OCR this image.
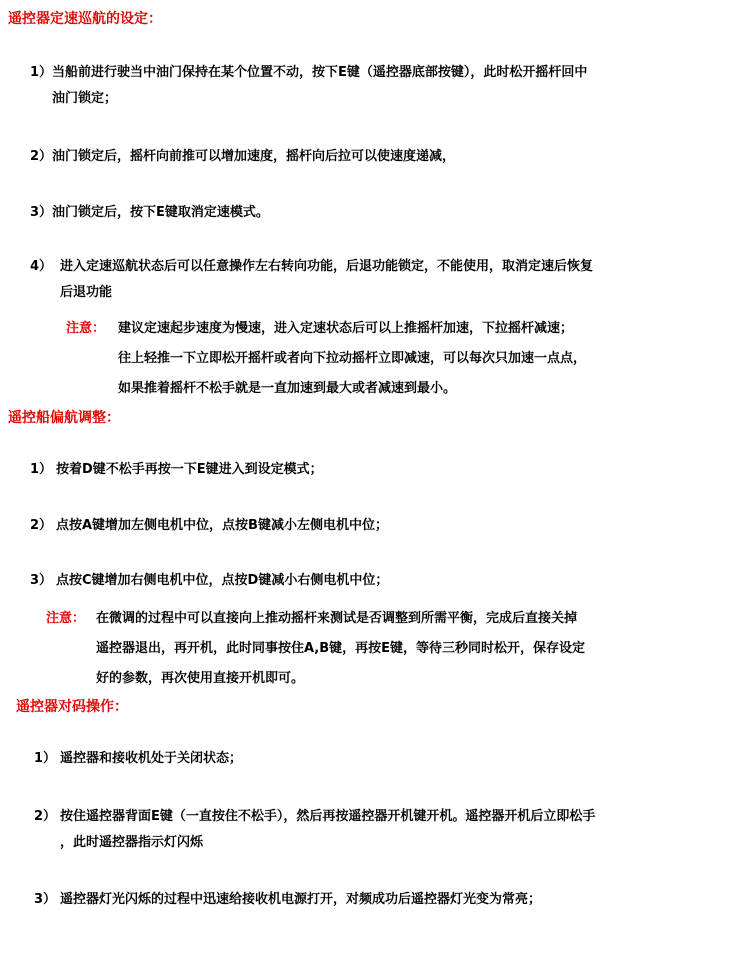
遥控器定速巡航的设定：
1）当船前进行驶当中油门保持在某个位置不动，按下E键（遥控器底部按键），此时松开摇杆回中
油门锁定；
2）油门锁定后，摇杆向前推可以增加速度，摇杆向后拉可以使速度递减，
3）油门锁定后，按下E键取消定速模式。
4） 进入定速巡航状态后可以任意操作左右转向功能，后退功能锁定，不能使用，取消定速后恢复
后退功能
注意： 建议定速起步速度为慢速，进入定速状态后可以上推摇杆加速，下拉摇杆减速；
往上轻推一下立即松开摇杆或者向下拉动摇杆立即减速，可以每次只加速一点点，
如果推着摇杆不松手就是一直加速到最大或者减速到最小。
遥控船偏航调整：
1） 按着D键不松手再按一下E键进入到设定模式；
2） 点按A键增加左侧电机中位，点按B键减小左侧电机中位；
3） 点按C键增加右侧电机中位，点按D键减小右侧电机中位；
注意： 在微调的过程中可以直接向上推动摇杆来测试是否调整到所需平衡，完成后直接关掉
遥控器退出，再开机，此时同事按住A,B键，再按E键，等待三秒同时松开，保存设定
好的参数，再次使用直接开机即可。
遥控器对码操作：
1） 遥控器和接收机处于关闭状态；
2） 按住遥控器背面E键（一直按住不松手），然后再按遥控器开机键开机。遥控器开机后立即松手
，此时遥控器指示灯闪烁
3） 遥控器灯光闪烁的过程中迅速给接收机电源打开，对频成功后遥控器灯光变为常亮；
